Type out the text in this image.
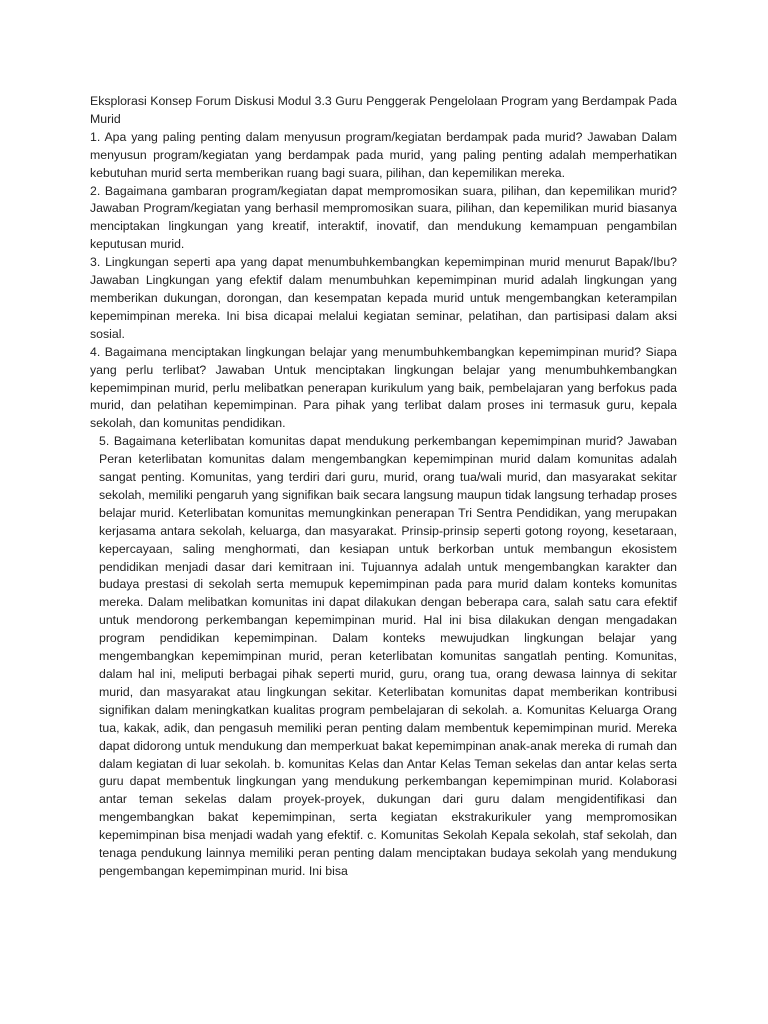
Eksplorasi Konsep Forum Diskusi Modul 3.3 Guru Penggerak Pengelolaan Program yang Berdampak Pada Murid

1. Apa yang paling penting dalam menyusun program/kegiatan berdampak pada murid? Jawaban Dalam menyusun program/kegiatan yang berdampak pada murid, yang paling penting adalah memperhatikan kebutuhan murid serta memberikan ruang bagi suara, pilihan, dan kepemilikan mereka.

2. Bagaimana gambaran program/kegiatan dapat mempromosikan suara, pilihan, dan kepemilikan murid? Jawaban Program/kegiatan yang berhasil mempromosikan suara, pilihan, dan kepemilikan murid biasanya menciptakan lingkungan yang kreatif, interaktif, inovatif, dan mendukung kemampuan pengambilan keputusan murid.

3. Lingkungan seperti apa yang dapat menumbuhkembangkan kepemimpinan murid menurut Bapak/Ibu? Jawaban Lingkungan yang efektif dalam menumbuhkan kepemimpinan murid adalah lingkungan yang memberikan dukungan, dorongan, dan kesempatan kepada murid untuk mengembangkan keterampilan kepemimpinan mereka. Ini bisa dicapai melalui kegiatan seminar, pelatihan, dan partisipasi dalam aksi sosial.

4. Bagaimana menciptakan lingkungan belajar yang menumbuhkembangkan kepemimpinan murid? Siapa yang perlu terlibat? Jawaban Untuk menciptakan lingkungan belajar yang menumbuhkembangkan kepemimpinan murid, perlu melibatkan penerapan kurikulum yang baik, pembelajaran yang berfokus pada murid, dan pelatihan kepemimpinan. Para pihak yang terlibat dalam proses ini termasuk guru, kepala sekolah, dan komunitas pendidikan.

5. Bagaimana keterlibatan komunitas dapat mendukung perkembangan kepemimpinan murid? Jawaban Peran keterlibatan komunitas dalam mengembangkan kepemimpinan murid dalam komunitas adalah sangat penting. Komunitas, yang terdiri dari guru, murid, orang tua/wali murid, dan masyarakat sekitar sekolah, memiliki pengaruh yang signifikan baik secara langsung maupun tidak langsung terhadap proses belajar murid. Keterlibatan komunitas memungkinkan penerapan Tri Sentra Pendidikan, yang merupakan kerjasama antara sekolah, keluarga, dan masyarakat. Prinsip-prinsip seperti gotong royong, kesetaraan, kepercayaan, saling menghormati, dan kesiapan untuk berkorban untuk membangun ekosistem pendidikan menjadi dasar dari kemitraan ini. Tujuannya adalah untuk mengembangkan karakter dan budaya prestasi di sekolah serta memupuk kepemimpinan pada para murid dalam konteks komunitas mereka. Dalam melibatkan komunitas ini dapat dilakukan dengan beberapa cara, salah satu cara efektif untuk mendorong perkembangan kepemimpinan murid. Hal ini bisa dilakukan dengan mengadakan program pendidikan kepemimpinan. Dalam konteks mewujudkan lingkungan belajar yang mengembangkan kepemimpinan murid, peran keterlibatan komunitas sangatlah penting. Komunitas, dalam hal ini, meliputi berbagai pihak seperti murid, guru, orang tua, orang dewasa lainnya di sekitar murid, dan masyarakat atau lingkungan sekitar. Keterlibatan komunitas dapat memberikan kontribusi signifikan dalam meningkatkan kualitas program pembelajaran di sekolah. a. Komunitas Keluarga Orang tua, kakak, adik, dan pengasuh memiliki peran penting dalam membentuk kepemimpinan murid. Mereka dapat didorong untuk mendukung dan memperkuat bakat kepemimpinan anak-anak mereka di rumah dan dalam kegiatan di luar sekolah. b. komunitas Kelas dan Antar Kelas Teman sekelas dan antar kelas serta guru dapat membentuk lingkungan yang mendukung perkembangan kepemimpinan murid. Kolaborasi antar teman sekelas dalam proyek-proyek, dukungan dari guru dalam mengidentifikasi dan mengembangkan bakat kepemimpinan, serta kegiatan ekstrakurikuler yang mempromosikan kepemimpinan bisa menjadi wadah yang efektif. c. Komunitas Sekolah Kepala sekolah, staf sekolah, dan tenaga pendukung lainnya memiliki peran penting dalam menciptakan budaya sekolah yang mendukung pengembangan kepemimpinan murid. Ini bisa
